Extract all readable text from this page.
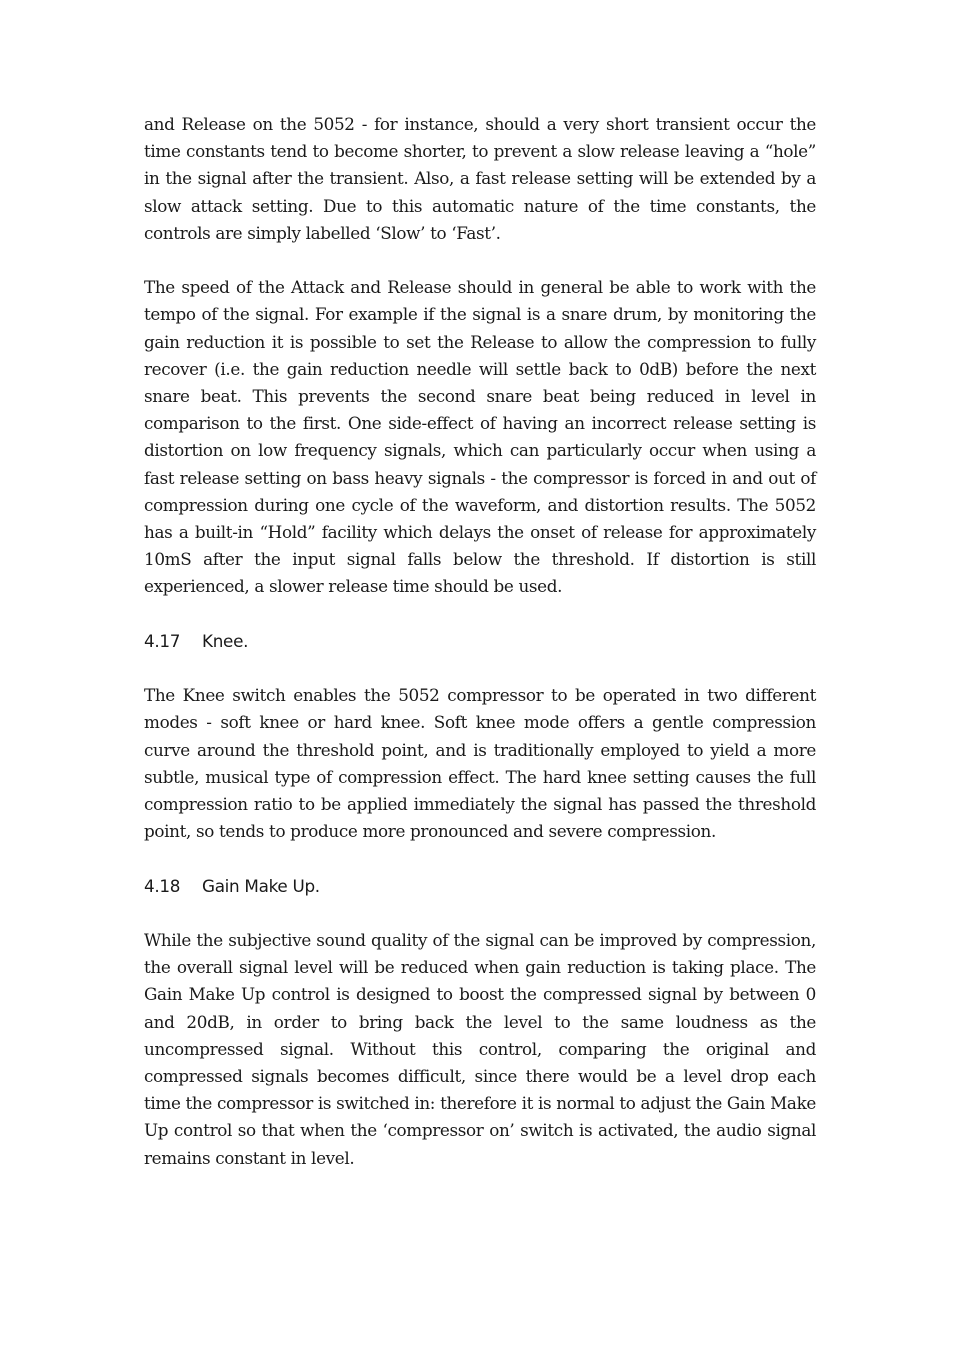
and Release on the 5052 - for instance, should a very short transient occur the time constants tend to become shorter, to prevent a slow release leaving a “hole” in the signal after the transient. Also, a fast release setting will be extended by a slow attack setting. Due to this automatic nature of the time constants, the controls are simply labelled ‘Slow’ to ‘Fast’.

The speed of the Attack and Release should in general be able to work with the tempo of the signal. For example if the signal is a snare drum, by monitoring the gain reduction it is possible to set the Release to allow the compression to fully recover (i.e. the gain reduction needle will settle back to 0dB) before the next snare beat. This prevents the second snare beat being reduced in level in comparison to the first. One side-effect of having an incorrect release setting is distortion on low frequency signals, which can particularly occur when using a fast release setting on bass heavy signals - the compressor is forced in and out of compression during one cycle of the waveform, and distortion results. The 5052 has a built-in “Hold” facility which delays the onset of release for approximately 10mS after the input signal falls below the threshold. If distortion is still experienced, a slower release time should be used.

4.17	Knee.

The Knee switch enables the 5052 compressor to be operated in two different modes - soft knee or hard knee. Soft knee mode offers a gentle compression curve around the threshold point, and is traditionally employed to yield a more subtle, musical type of compression effect. The hard knee setting causes the full compression ratio to be applied immediately the signal has passed the threshold point, so tends to produce more pronounced and severe compression.

4.18	Gain Make Up.

While the subjective sound quality of the signal can be improved by compression, the overall signal level will be reduced when gain reduction is taking place. The Gain Make Up control is designed to boost the compressed signal by between 0 and 20dB, in order to bring back the level to the same loudness as the uncompressed signal. Without this control, comparing the original and compressed signals becomes difficult, since there would be a level drop each time the compressor is switched in: therefore it is normal to adjust the Gain Make Up control so that when the ‘compressor on’ switch is activated, the audio signal remains constant in level.
